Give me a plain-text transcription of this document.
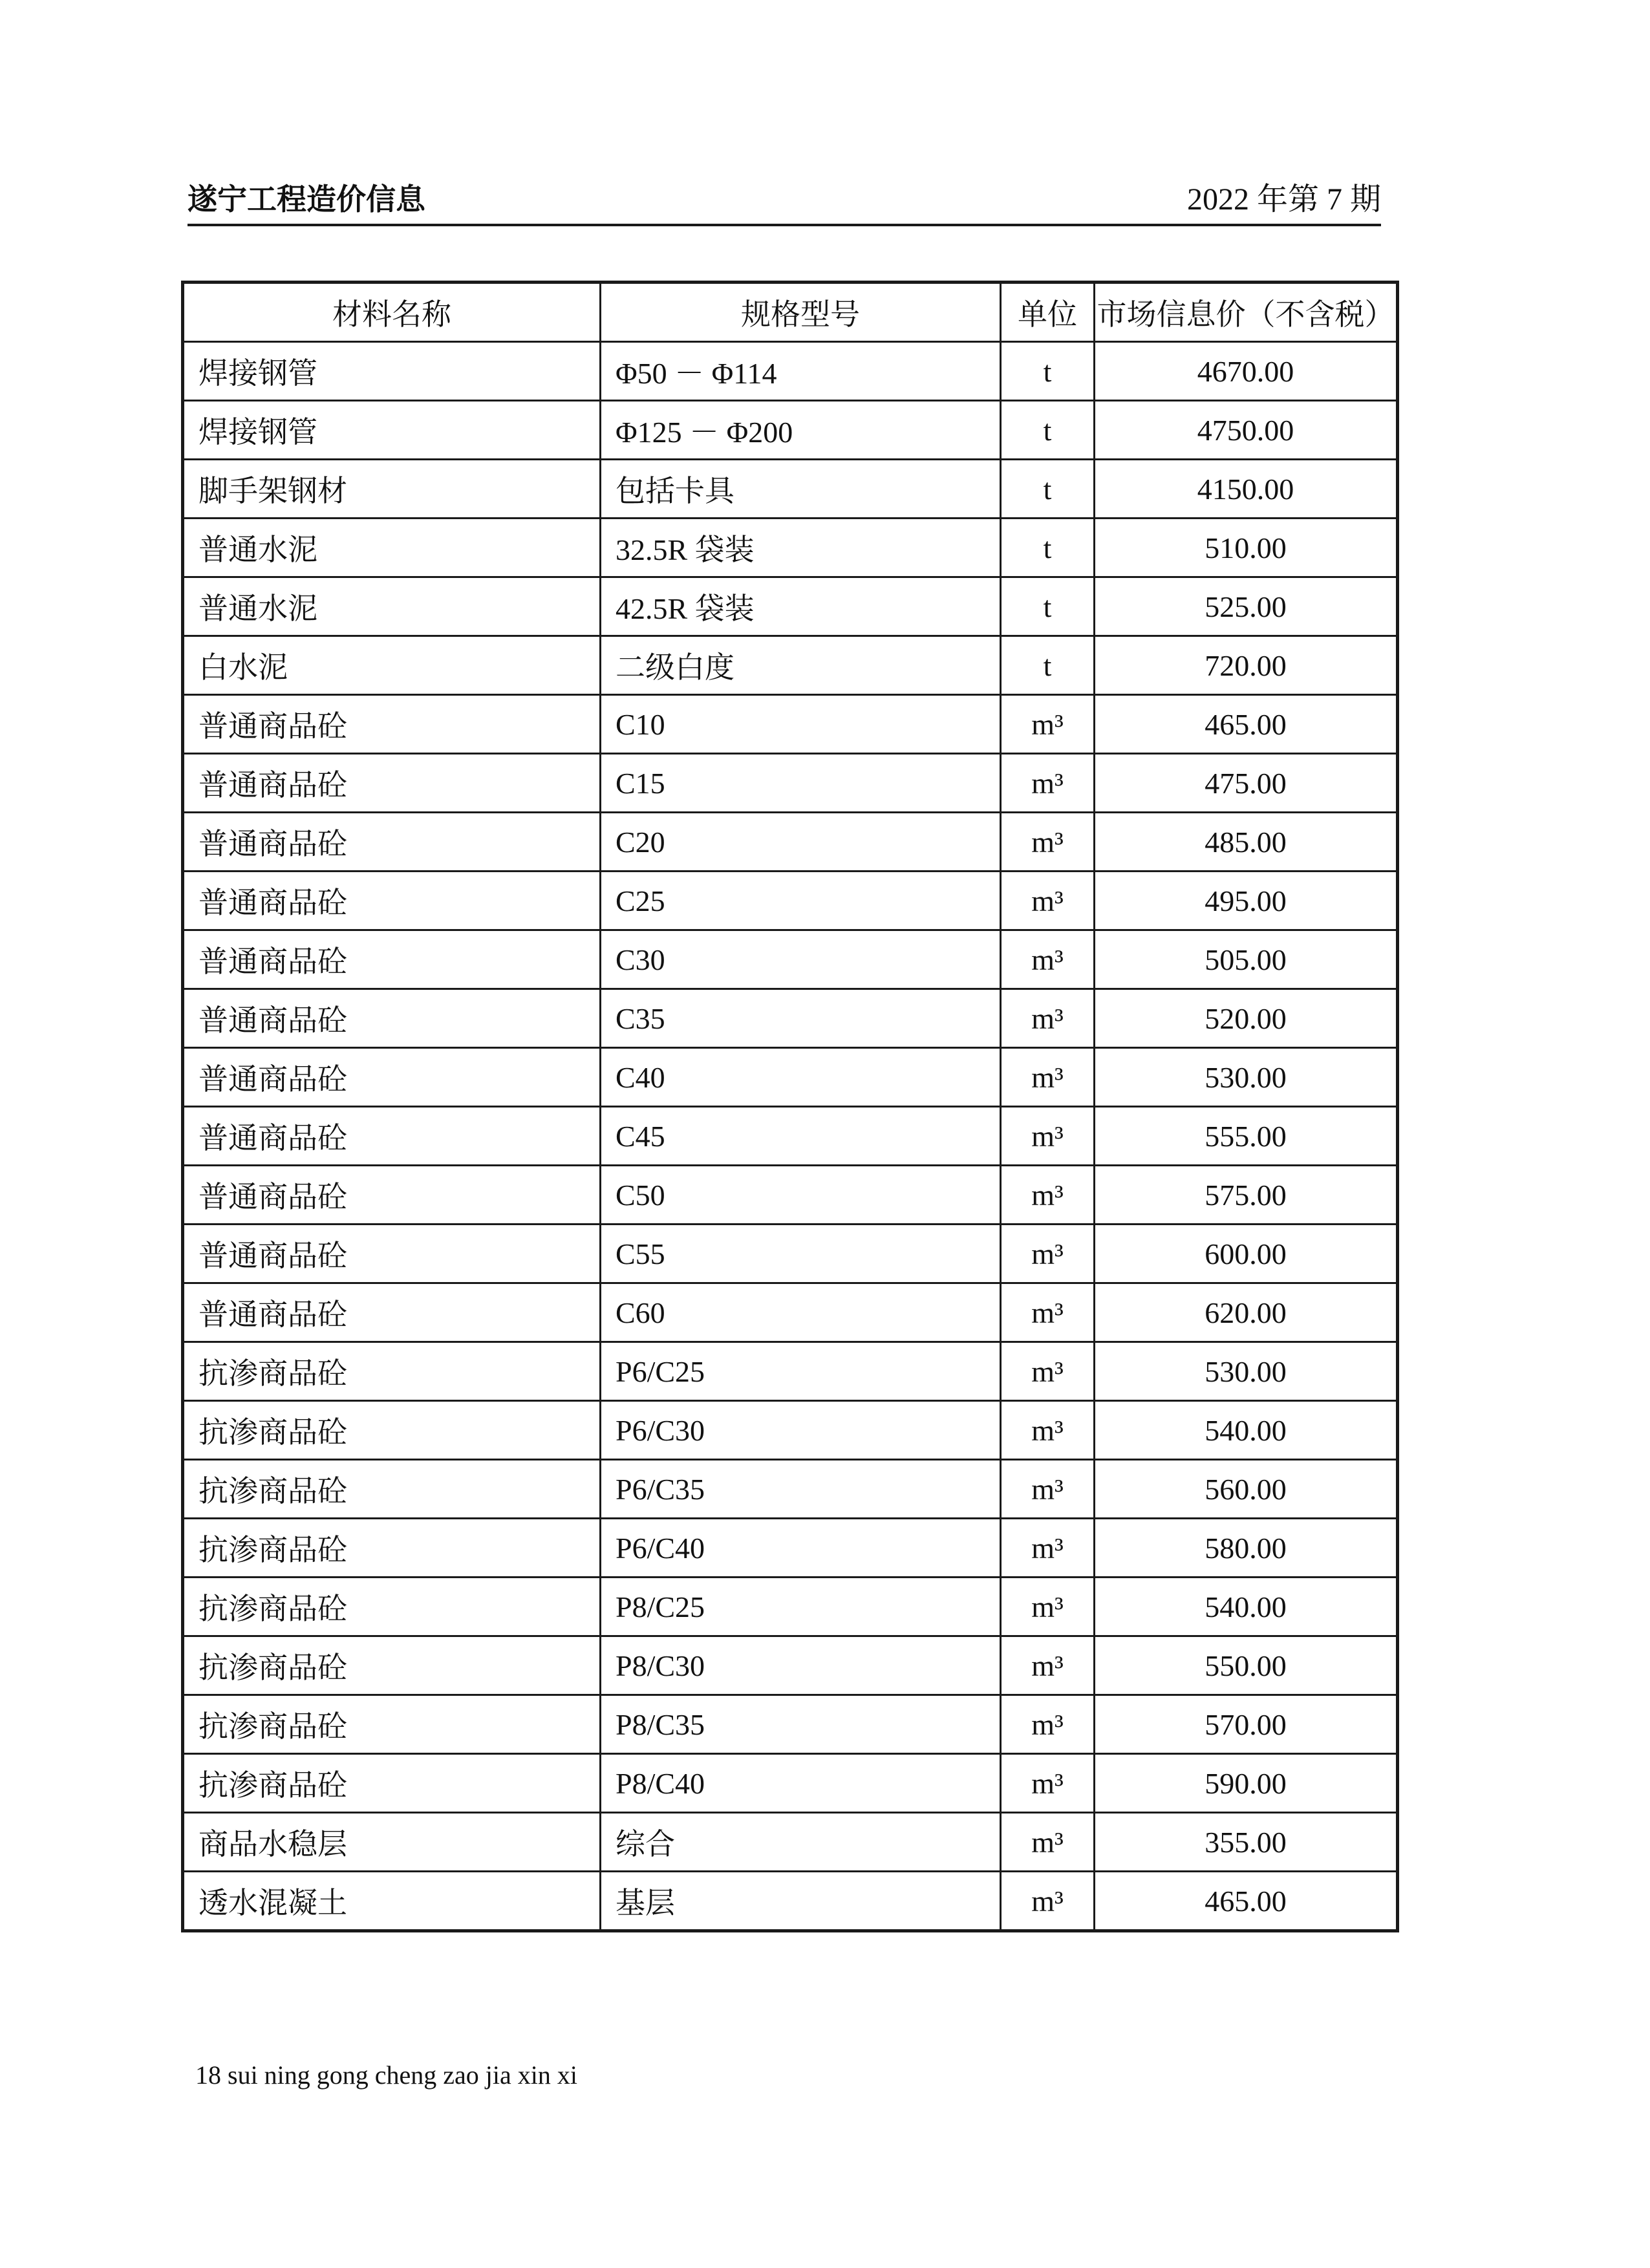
遂宁工程造价信息	2022 年第 7 期
材料名称	规格型号	单位	市场信息价（不含税）
焊接钢管	Φ50 － Φ114	t	4670.00
焊接钢管	Φ125 － Φ200	t	4750.00
脚手架钢材	包括卡具	t	4150.00
普通水泥	32.5R 袋装	t	510.00
普通水泥	42.5R 袋装	t	525.00
白水泥	二级白度	t	720.00
普通商品砼	C10	m³	465.00
普通商品砼	C15	m³	475.00
普通商品砼	C20	m³	485.00
普通商品砼	C25	m³	495.00
普通商品砼	C30	m³	505.00
普通商品砼	C35	m³	520.00
普通商品砼	C40	m³	530.00
普通商品砼	C45	m³	555.00
普通商品砼	C50	m³	575.00
普通商品砼	C55	m³	600.00
普通商品砼	C60	m³	620.00
抗渗商品砼	P6/C25	m³	530.00
抗渗商品砼	P6/C30	m³	540.00
抗渗商品砼	P6/C35	m³	560.00
抗渗商品砼	P6/C40	m³	580.00
抗渗商品砼	P8/C25	m³	540.00
抗渗商品砼	P8/C30	m³	550.00
抗渗商品砼	P8/C35	m³	570.00
抗渗商品砼	P8/C40	m³	590.00
商品水稳层	综合	m³	355.00
透水混凝土	基层	m³	465.00
18 sui ning gong cheng zao jia xin xi
